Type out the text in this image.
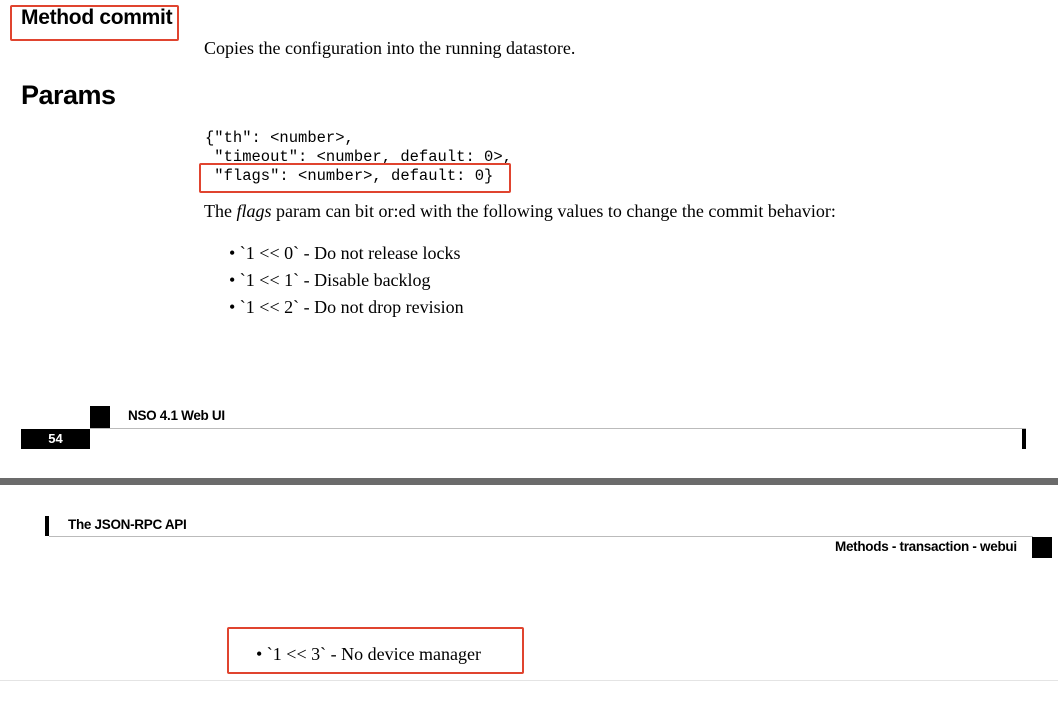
Method commit
Copies the configuration into the running datastore.
Params
{"th": <number>,
"timeout": <number, default: 0>,
"flags": <number>, default: 0}
The flags param can bit or:ed with the following values to change the commit behavior:
• `1 << 0` - Do not release locks
• `1 << 1` - Disable backlog
• `1 << 2` - Do not drop revision
NSO 4.1 Web UI
54
The JSON-RPC API
Methods - transaction - webui
• `1 << 3` - No device manager
